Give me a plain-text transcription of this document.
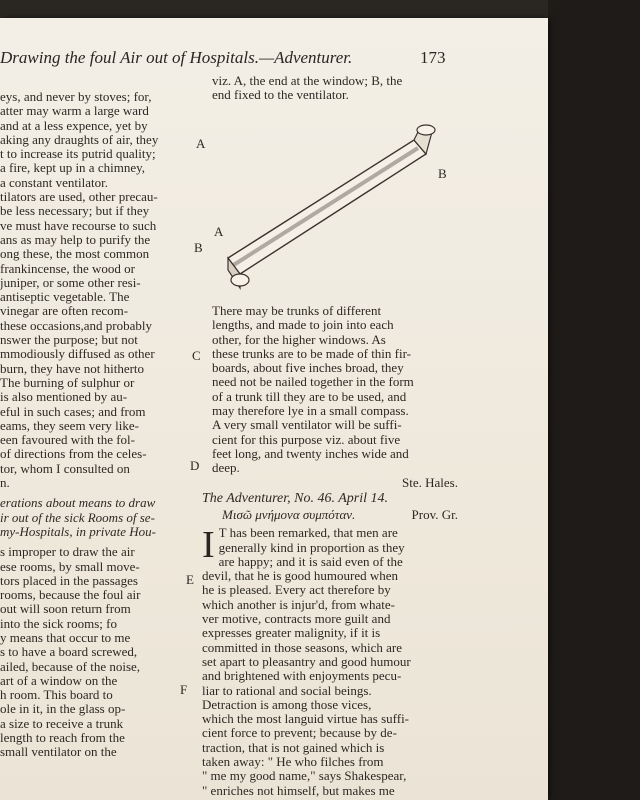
Drawing the foul Air out of Hospitals.—Adventurer.	173
eys, and never by stoves; for,
atter may warm a large ward
and at a less expence, yet by
aking any draughts of air, they
t to increase its putrid quality;
a fire, kept up in a chimney,
a constant ventilator.
tilators are used, other precau-
be less necessary; but if they
ve must have recourse to such
ans as may help to purify the
ong these, the most common
frankincense, the wood or
juniper, or some other resi-
antiseptic vegetable. The
vinegar are often recom-
these occasions,and probably
nswer the purpose; but not
mmodiously diffused as other
burn, they have not hitherto
The burning of sulphur or
is also mentioned by au-
eful in such cases; and from
eams, they seem very like-
een favoured with the fol-
of directions from the celes-
tor, whom I consulted on
n.
erations about means to draw
ir out of the sick Rooms of se-
my-Hospitals, in private Hou-
s improper to draw the air
ese rooms, by small move-
tors placed in the passages
rooms, because the foul air
out will soon return from
into the sick rooms; fo
y means that occur to me
s to have a board screwed,
ailed, because of the noise,
art of a window on the
h room. This board to
ole in it, in the glass op-
a size to receive a trunk
length to reach from the
small ventilator on the
A
B
C
D
E
F
viz. A, the end at the window; B, the
end fixed to the ventilator.
A
B
There may be trunks of different
lengths, and made to join into each
other, for the higher windows. As
these trunks are to be made of thin fir-
boards, about five inches broad, they
need not be nailed together in the form
of a trunk till they are to be used, and
may therefore lye in a small compass.
A very small ventilator will be suffi-
cient for this purpose viz. about five
feet long, and twenty inches wide and
deep.
Ste. Hales.
The Adventurer, No. 46. April 14.
Μισῶ μνήμονα συμπόταν.	Prov. Gr.
I T has been remarked, that men are
generally kind in proportion as they
are happy; and it is said even of the
devil, that he is good humoured when
he is pleased. Every act therefore by
which another is injur'd, from whate-
ver motive, contracts more guilt and
expresses greater malignity, if it is
committed in those seasons, which are
set apart to pleasantry and good humour
and brightened with enjoyments pecu-
liar to rational and social beings.
Detraction is among those vices,
which the most languid virtue has suffi-
cient force to prevent; because by de-
traction, that is not gained which is
taken away: " He who filches from
" me my good name," says Shakespear,
" enriches not himself, but makes me
